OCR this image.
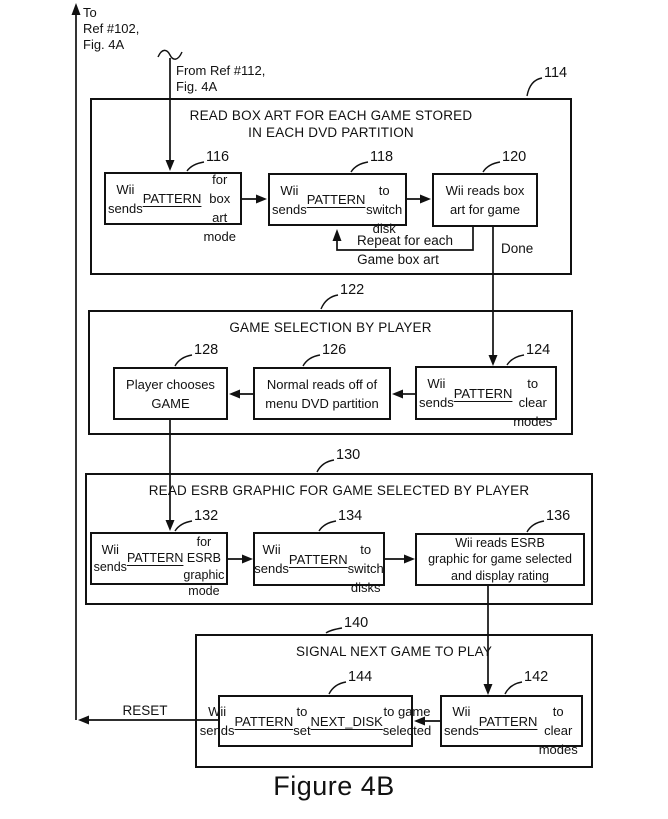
To
Ref #102,
Fig. 4A
From Ref #112,
Fig. 4A
READ BOX ART FOR EACH GAME STORED
IN EACH DVD PARTITION
114
Wii sends
PATTERN

for box art mode
116
Wii sends
PATTERN

to switch disk
118
Wii reads box
art for game
120
Repeat for each
Game box art
Done
GAME SELECTION BY PLAYER
122
Wii sends
PATTERN

to clear modes
124
Normal reads off of
menu DVD partition
126
Player chooses
GAME
128
READ ESRB GRAPHIC FOR GAME SELECTED BY PLAYER
130
Wii sends
PATTERN

for ESRB
graphic mode
132
Wii sends
PATTERN

to switch disks
134
Wii reads ESRB
graphic for game selected
and display rating
136
SIGNAL NEXT GAME TO PLAY
140
Wii sends
PATTERN

to clear modes
142
Wii sends
PATTERN
to set

NEXT_DISK
to game selected
144
RESET
Figure 4B
